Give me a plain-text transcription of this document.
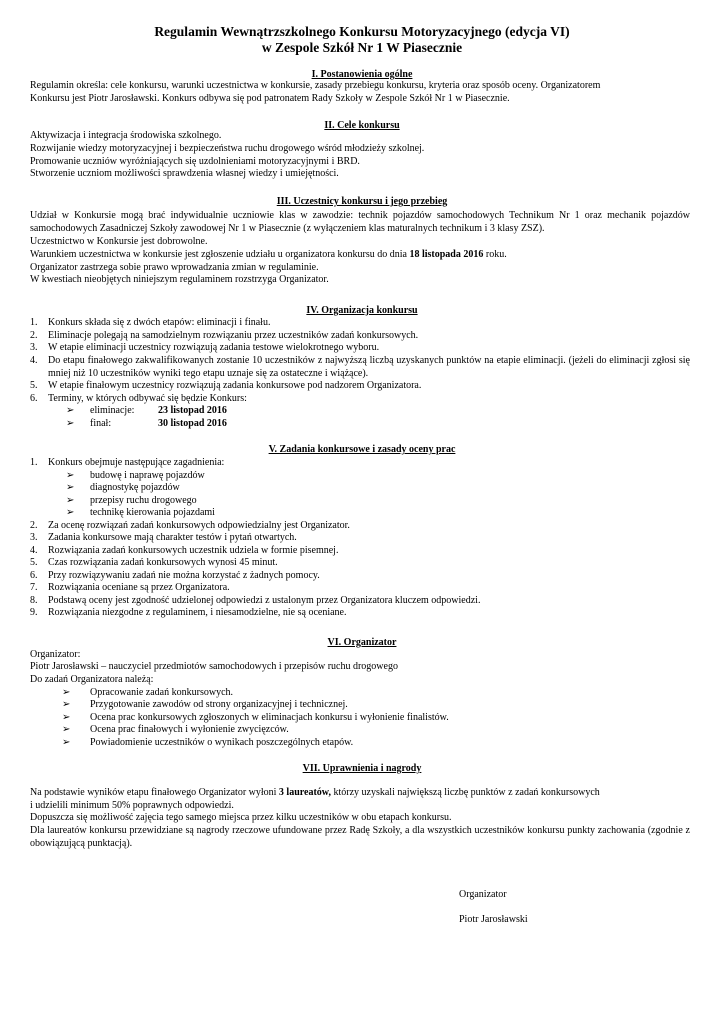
Regulamin Wewnątrzszkolnego Konkursu Motoryzacyjnego (edycja VI)
w Zespole Szkół Nr 1 W Piasecznie
I. Postanowienia ogólne
Regulamin określa: cele konkursu, warunki uczestnictwa w konkursie, zasady przebiegu konkursu, kryteria oraz sposób oceny. Organizatorem
Konkursu jest Piotr Jarosławski. Konkurs odbywa się pod patronatem Rady Szkoły w Zespole Szkół Nr 1 w Piasecznie.
II. Cele konkursu
Aktywizacja i integracja środowiska szkolnego.
Rozwijanie wiedzy motoryzacyjnej i bezpieczeństwa ruchu drogowego wśród młodzieży szkolnej.
Promowanie uczniów wyróżniających się uzdolnieniami motoryzacyjnymi i BRD.
Stworzenie uczniom możliwości sprawdzenia własnej wiedzy i umiejętności.
III. Uczestnicy konkursu i jego przebieg
Udział w Konkursie mogą brać indywidualnie uczniowie klas w zawodzie: technik pojazdów samochodowych Technikum Nr 1 oraz mechanik pojazdów samochodowych Zasadniczej Szkoły zawodowej Nr 1 w Piasecznie (z wyłączeniem klas maturalnych technikum i 3 klasy ZSZ).
Uczestnictwo w Konkursie jest dobrowolne.
Warunkiem uczestnictwa w konkursie jest zgłoszenie udziału u organizatora konkursu do dnia 18 listopada 2016 roku.
Organizator zastrzega sobie prawo wprowadzania zmian w regulaminie.
W kwestiach nieobjętych niniejszym regulaminem rozstrzyga Organizator.
IV. Organizacja konkursu
1. Konkurs składa się z dwóch etapów: eliminacji i finału.
2. Eliminacje polegają na samodzielnym rozwiązaniu przez uczestników zadań konkursowych.
3. W etapie eliminacji uczestnicy rozwiązują zadania testowe wielokrotnego wyboru.
4. Do etapu finałowego zakwalifikowanych zostanie 10 uczestników z najwyższą liczbą uzyskanych punktów na etapie eliminacji. (jeżeli do eliminacji zgłosi się mniej niż 10 uczestników wyniki tego etapu uznaje się za ostateczne i wiążące).
5. W etapie finałowym uczestnicy rozwiązują zadania konkursowe pod nadzorem Organizatora.
6. Terminy, w których odbywać się będzie Konkurs:
➢ eliminacje: 23 listopad 2016
➢ finał:	30 listopad 2016
V. Zadania konkursowe i zasady oceny prac
1. Konkurs obejmuje następujące zagadnienia:
➢ budowę i naprawę pojazdów
➢ diagnostykę pojazdów
➢ przepisy ruchu drogowego
➢ technikę kierowania pojazdami
2. Za ocenę rozwiązań zadań konkursowych odpowiedzialny jest Organizator.
3. Zadania konkursowe mają charakter testów i pytań otwartych.
4. Rozwiązania zadań konkursowych uczestnik udziela w formie pisemnej.
5. Czas rozwiązania zadań konkursowych wynosi 45 minut.
6. Przy rozwiązywaniu zadań nie można korzystać z żadnych pomocy.
7. Rozwiązania oceniane są przez Organizatora.
8. Podstawą oceny jest zgodność udzielonej odpowiedzi z ustalonym przez Organizatora kluczem odpowiedzi.
9. Rozwiązania niezgodne z regulaminem, i niesamodzielne, nie są oceniane.
VI. Organizator
Organizator:
Piotr Jarosławski – nauczyciel przedmiotów samochodowych i przepisów ruchu drogowego
Do zadań Organizatora należą:
➢ Opracowanie zadań konkursowych.
➢ Przygotowanie zawodów od strony organizacyjnej i technicznej.
➢ Ocena prac konkursowych zgłoszonych w eliminacjach konkursu i wyłonienie finalistów.
➢ Ocena prac finałowych i wyłonienie zwycięzców.
➢ Powiadomienie uczestników o wynikach poszczególnych etapów.
VII. Uprawnienia i nagrody
Na podstawie wyników etapu finałowego Organizator wyłoni 3 laureatów, którzy uzyskali największą liczbę punktów z zadań konkursowych
i udzielili minimum 50% poprawnych odpowiedzi.
Dopuszcza się możliwość zajęcia tego samego miejsca przez kilku uczestników w obu etapach konkursu.
Dla laureatów konkursu przewidziane są nagrody rzeczowe ufundowane przez Radę Szkoły, a dla wszystkich uczestników konkursu punkty zachowania (zgodnie z obowiązującą punktacją).
Organizator
Piotr Jarosławski
